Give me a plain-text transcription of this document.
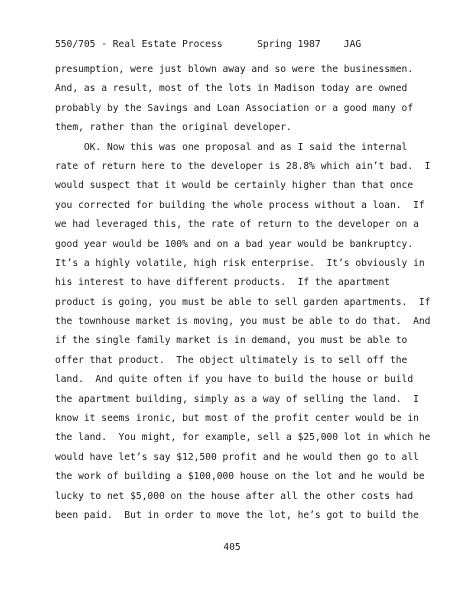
550/705 - Real Estate Process      Spring 1987    JAG
presumption, were just blown away and so were the businessmen.
And, as a result, most of the lots in Madison today are owned
probably by the Savings and Loan Association or a good many of
them, rather than the original developer.
OK. Now this was one proposal and as I said the internal
rate of return here to the developer is 28.8% which ain’t bad.  I
would suspect that it would be certainly higher than that once
you corrected for building the whole process without a loan.  If
we had leveraged this, the rate of return to the developer on a
good year would be 100% and on a bad year would be bankruptcy.
It’s a highly volatile, high risk enterprise.  It’s obviously in
his interest to have different products.  If the apartment
product is going, you must be able to sell garden apartments.  If
the townhouse market is moving, you must be able to do that.  And
if the single family market is in demand, you must be able to
offer that product.  The object ultimately is to sell off the
land.  And quite often if you have to build the house or build
the apartment building, simply as a way of selling the land.  I
know it seems ironic, but most of the profit center would be in
the land.  You might, for example, sell a $25,000 lot in which he
would have let’s say $12,500 profit and he would then go to all
the work of building a $100,000 house on the lot and he would be
lucky to net $5,000 on the house after all the other costs had
been paid.  But in order to move the lot, he’s got to build the
405
